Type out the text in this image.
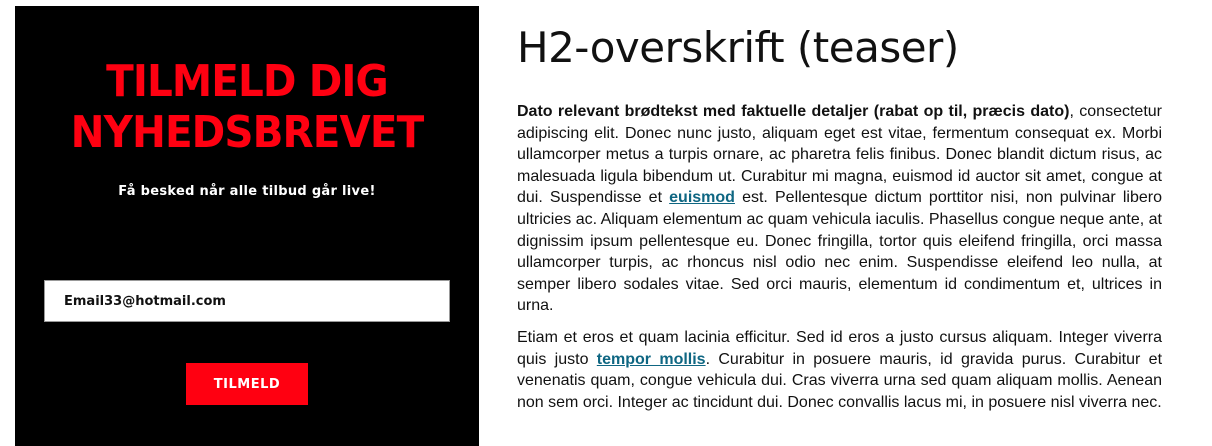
TILMELD DIG
NYHEDSBREVET
Få besked når alle tilbud går live!
Email33@hotmail.com
TILMELD
H2-overskrift (teaser)

Dato relevant brødtekst med faktuelle detaljer (rabat op til, præcis dato), consectetur adipiscing elit. Donec nunc justo, aliquam eget est vitae, fermentum consequat ex. Morbi ullamcorper metus a turpis ornare, ac pharetra felis finibus. Donec blandit dictum risus, ac malesuada ligula bibendum ut. Curabitur mi magna, euismod id auctor sit amet, congue at dui. Suspendisse et euismod est. Pellentesque dictum porttitor nisi, non pulvinar libero ultricies ac. Aliquam elementum ac quam vehicula iaculis. Phasellus congue neque ante, at dignissim ipsum pellentesque eu. Donec fringilla, tortor quis eleifend fringilla, orci massa ullamcorper turpis, ac rhoncus nisl odio nec enim. Suspendisse eleifend leo nulla, at semper libero sodales vitae. Sed orci mauris, elementum id condimentum et, ultrices in urna.

Etiam et eros et quam lacinia efficitur. Sed id eros a justo cursus aliquam. Integer viverra quis justo tempor mollis. Curabitur in posuere mauris, id gravida purus. Curabitur et venenatis quam, congue vehicula dui. Cras viverra urna sed quam aliquam mollis. Aenean non sem orci. Integer ac tincidunt dui. Donec convallis lacus mi, in posuere nisl viverra nec.
